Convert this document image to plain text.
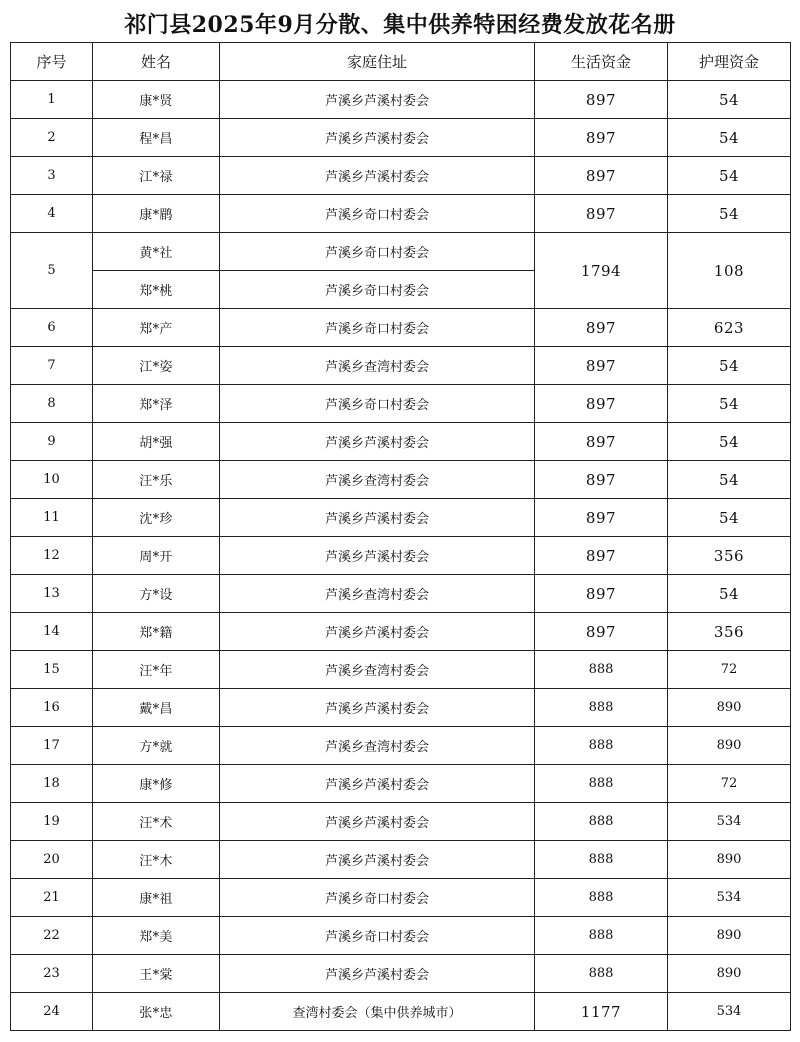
祁门县2025年9月分散、集中供养特困经费发放花名册
序号	姓名	家庭住址	生活资金	护理资金
1	康*贤	芦溪乡芦溪村委会	897	54
2	程*昌	芦溪乡芦溪村委会	897	54
3	江*禄	芦溪乡芦溪村委会	897	54
4	康*鹛	芦溪乡奇口村委会	897	54
5	黄*社	芦溪乡奇口村委会	1794	108
	郑*桃	芦溪乡奇口村委会		
6	郑*产	芦溪乡奇口村委会	897	623
7	江*姿	芦溪乡查湾村委会	897	54
8	郑*泽	芦溪乡奇口村委会	897	54
9	胡*强	芦溪乡芦溪村委会	897	54
10	汪*乐	芦溪乡查湾村委会	897	54
11	沈*珍	芦溪乡芦溪村委会	897	54
12	周*开	芦溪乡芦溪村委会	897	356
13	方*设	芦溪乡查湾村委会	897	54
14	郑*籍	芦溪乡芦溪村委会	897	356
15	汪*年	芦溪乡查湾村委会	888	72
16	戴*昌	芦溪乡芦溪村委会	888	890
17	方*就	芦溪乡查湾村委会	888	890
18	康*修	芦溪乡芦溪村委会	888	72
19	汪*术	芦溪乡芦溪村委会	888	534
20	汪*木	芦溪乡芦溪村委会	888	890
21	康*祖	芦溪乡奇口村委会	888	534
22	郑*美	芦溪乡奇口村委会	888	890
23	王*棠	芦溪乡芦溪村委会	888	890
24	张*忠	查湾村委会（集中供养城市）	1177	534
